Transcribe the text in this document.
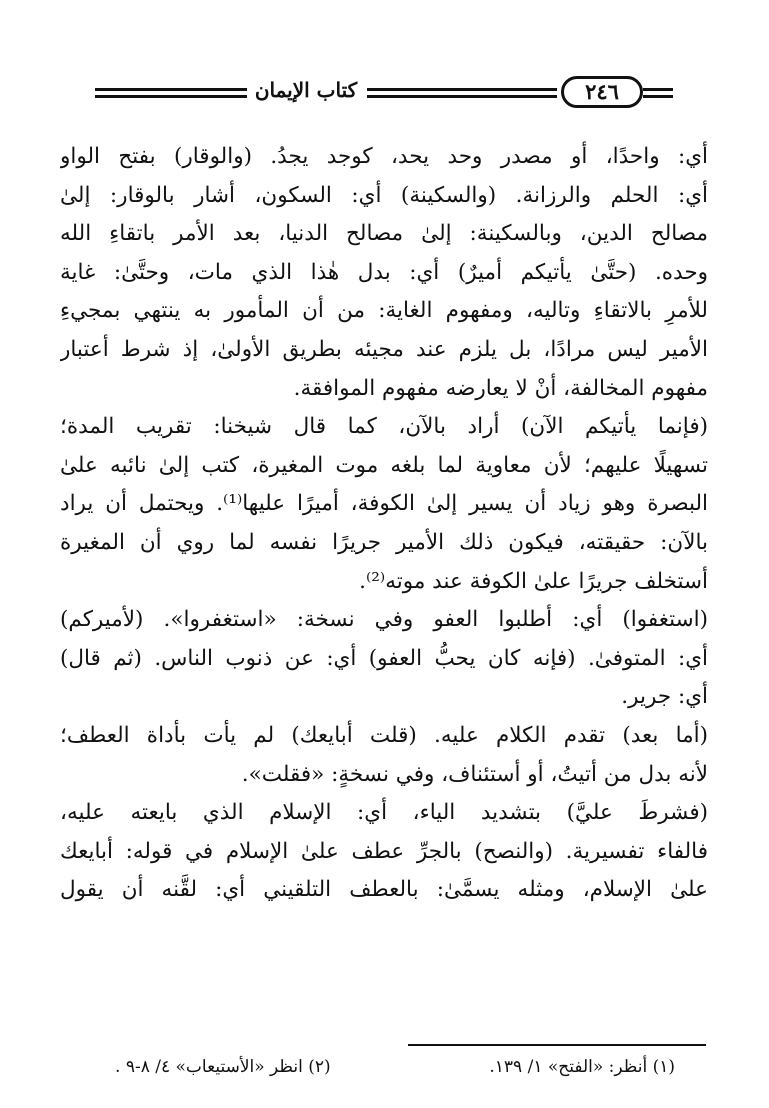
كتاب الإيمان	٢٤٦
أي: واحدًا، أو مصدر وحد يحد، كوجد يجدُ. (والوقار) بفتح الواو
أي: الحلم والرزانة. (والسكينة) أي: السكون، أشار بالوقار: إلىٰ
مصالح الدين، وبالسكينة: إلىٰ مصالح الدنيا، بعد الأمر باتقاءِ الله
وحده. (حتَّىٰ يأتيكم أميرٌ) أي: بدل هٰذا الذي مات، وحتَّىٰ: غاية
للأمرِ بالاتقاءِ وتاليه، ومفهوم الغاية: من أن المأمور به ينتهي بمجيءِ
الأمير ليس مرادًا، بل يلزم عند مجيئه بطريق الأولىٰ، إذ شرط أعتبار
مفهوم المخالفة، أنْ لا يعارضه مفهوم الموافقة.
(فإنما يأتيكم الآن) أراد بالآن، كما قال شيخنا: تقريب المدة؛
تسهيلًا عليهم؛ لأن معاوية لما بلغه موت المغيرة، كتب إلىٰ نائبه علىٰ
البصرة وهو زياد أن يسير إلىٰ الكوفة، أميرًا عليها⁽¹⁾. ويحتمل أن يراد
بالآن: حقيقته، فيكون ذلك الأمير جريرًا نفسه لما روي أن المغيرة
أستخلف جريرًا علىٰ الكوفة عند موته⁽²⁾.
(استغفوا) أي: أطلبوا العفو وفي نسخة: «استغفروا». (لأميركم)
أي: المتوفىٰ. (فإنه كان يحبُّ العفو) أي: عن ذنوب الناس. (ثم قال)
أي: جرير.
(أما بعد) تقدم الكلام عليه. (قلت أبايعك) لم يأت بأداة العطف؛
لأنه بدل من أتيتُ، أو أستئناف، وفي نسخةٍ: «فقلت».
(فشرطَ عليَّ) بتشديد الياء، أي: الإسلام الذي بايعته عليه،
فالفاء تفسيرية. (والنصح) بالجرِّ عطف علىٰ الإسلام في قوله: أبايعك
علىٰ الإسلام، ومثله يسمَّىٰ: بالعطف التلقيني أي: لقَّنه أن يقول
(١) أنظر: «الفتح» ١/ ١٣٩.
(٢) انظر «الأستيعاب» ٤/ ٨-٩ .
